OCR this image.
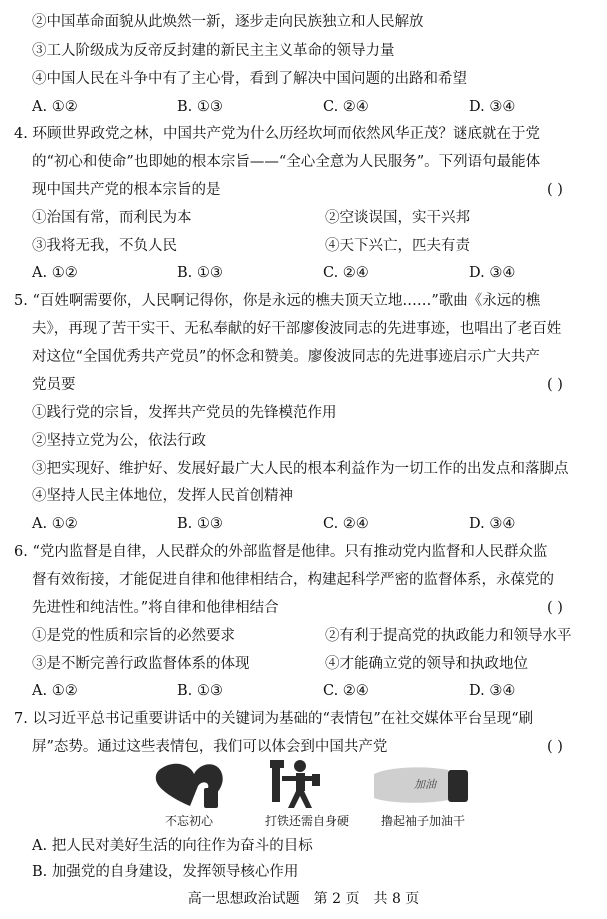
②中国革命面貌从此焕然一新，逐步走向民族独立和人民解放
③工人阶级成为反帝反封建的新民主主义革命的领导力量
④中国人民在斗争中有了主心骨，看到了解决中国问题的出路和希望
A. ①②	B. ①③	C. ②④	D. ③④
4. 环顾世界政党之林，中国共产党为什么历经坎坷而依然风华正茂？谜底就在于党
的“初心和使命”也即她的根本宗旨——“全心全意为人民服务”。下列语句最能体
现中国共产党的根本宗旨的是	( )
①治国有常，而利民为本	②空谈误国，实干兴邦
③我将无我，不负人民	④天下兴亡，匹夫有责
A. ①②	B. ①③	C. ②④	D. ③④
5. “百姓啊需要你，人民啊记得你，你是永远的樵夫顶天立地……”歌曲《永远的樵
夫》，再现了苦干实干、无私奉献的好干部廖俊波同志的先进事迹，也唱出了老百姓
对这位“全国优秀共产党员”的怀念和赞美。廖俊波同志的先进事迹启示广大共产
党员要	( )
①践行党的宗旨，发挥共产党员的先锋模范作用
②坚持立党为公，依法行政
③把实现好、维护好、发展好最广大人民的根本利益作为一切工作的出发点和落脚点
④坚持人民主体地位，发挥人民首创精神
A. ①②	B. ①③	C. ②④	D. ③④
6. “党内监督是自律，人民群众的外部监督是他律。只有推动党内监督和人民群众监
督有效衔接，才能促进自律和他律相结合，构建起科学严密的监督体系，永葆党的
先进性和纯洁性。”将自律和他律相结合	( )
①是党的性质和宗旨的必然要求	②有利于提高党的执政能力和领导水平
③是不断完善行政监督体系的体现	④才能确立党的领导和执政地位
A. ①②	B. ①③	C. ②④	D. ③④
7. 以习近平总书记重要讲话中的关键词为基础的“表情包”在社交媒体平台呈现“刷
屏”态势。通过这些表情包，我们可以体会到中国共产党	( )
不忘初心	打铁还需自身硬
加油
撸起袖子加油干
A. 把人民对美好生活的向往作为奋斗的目标
B. 加强党的自身建设，发挥领导核心作用
高一思想政治试题　第 2 页　共 8 页
